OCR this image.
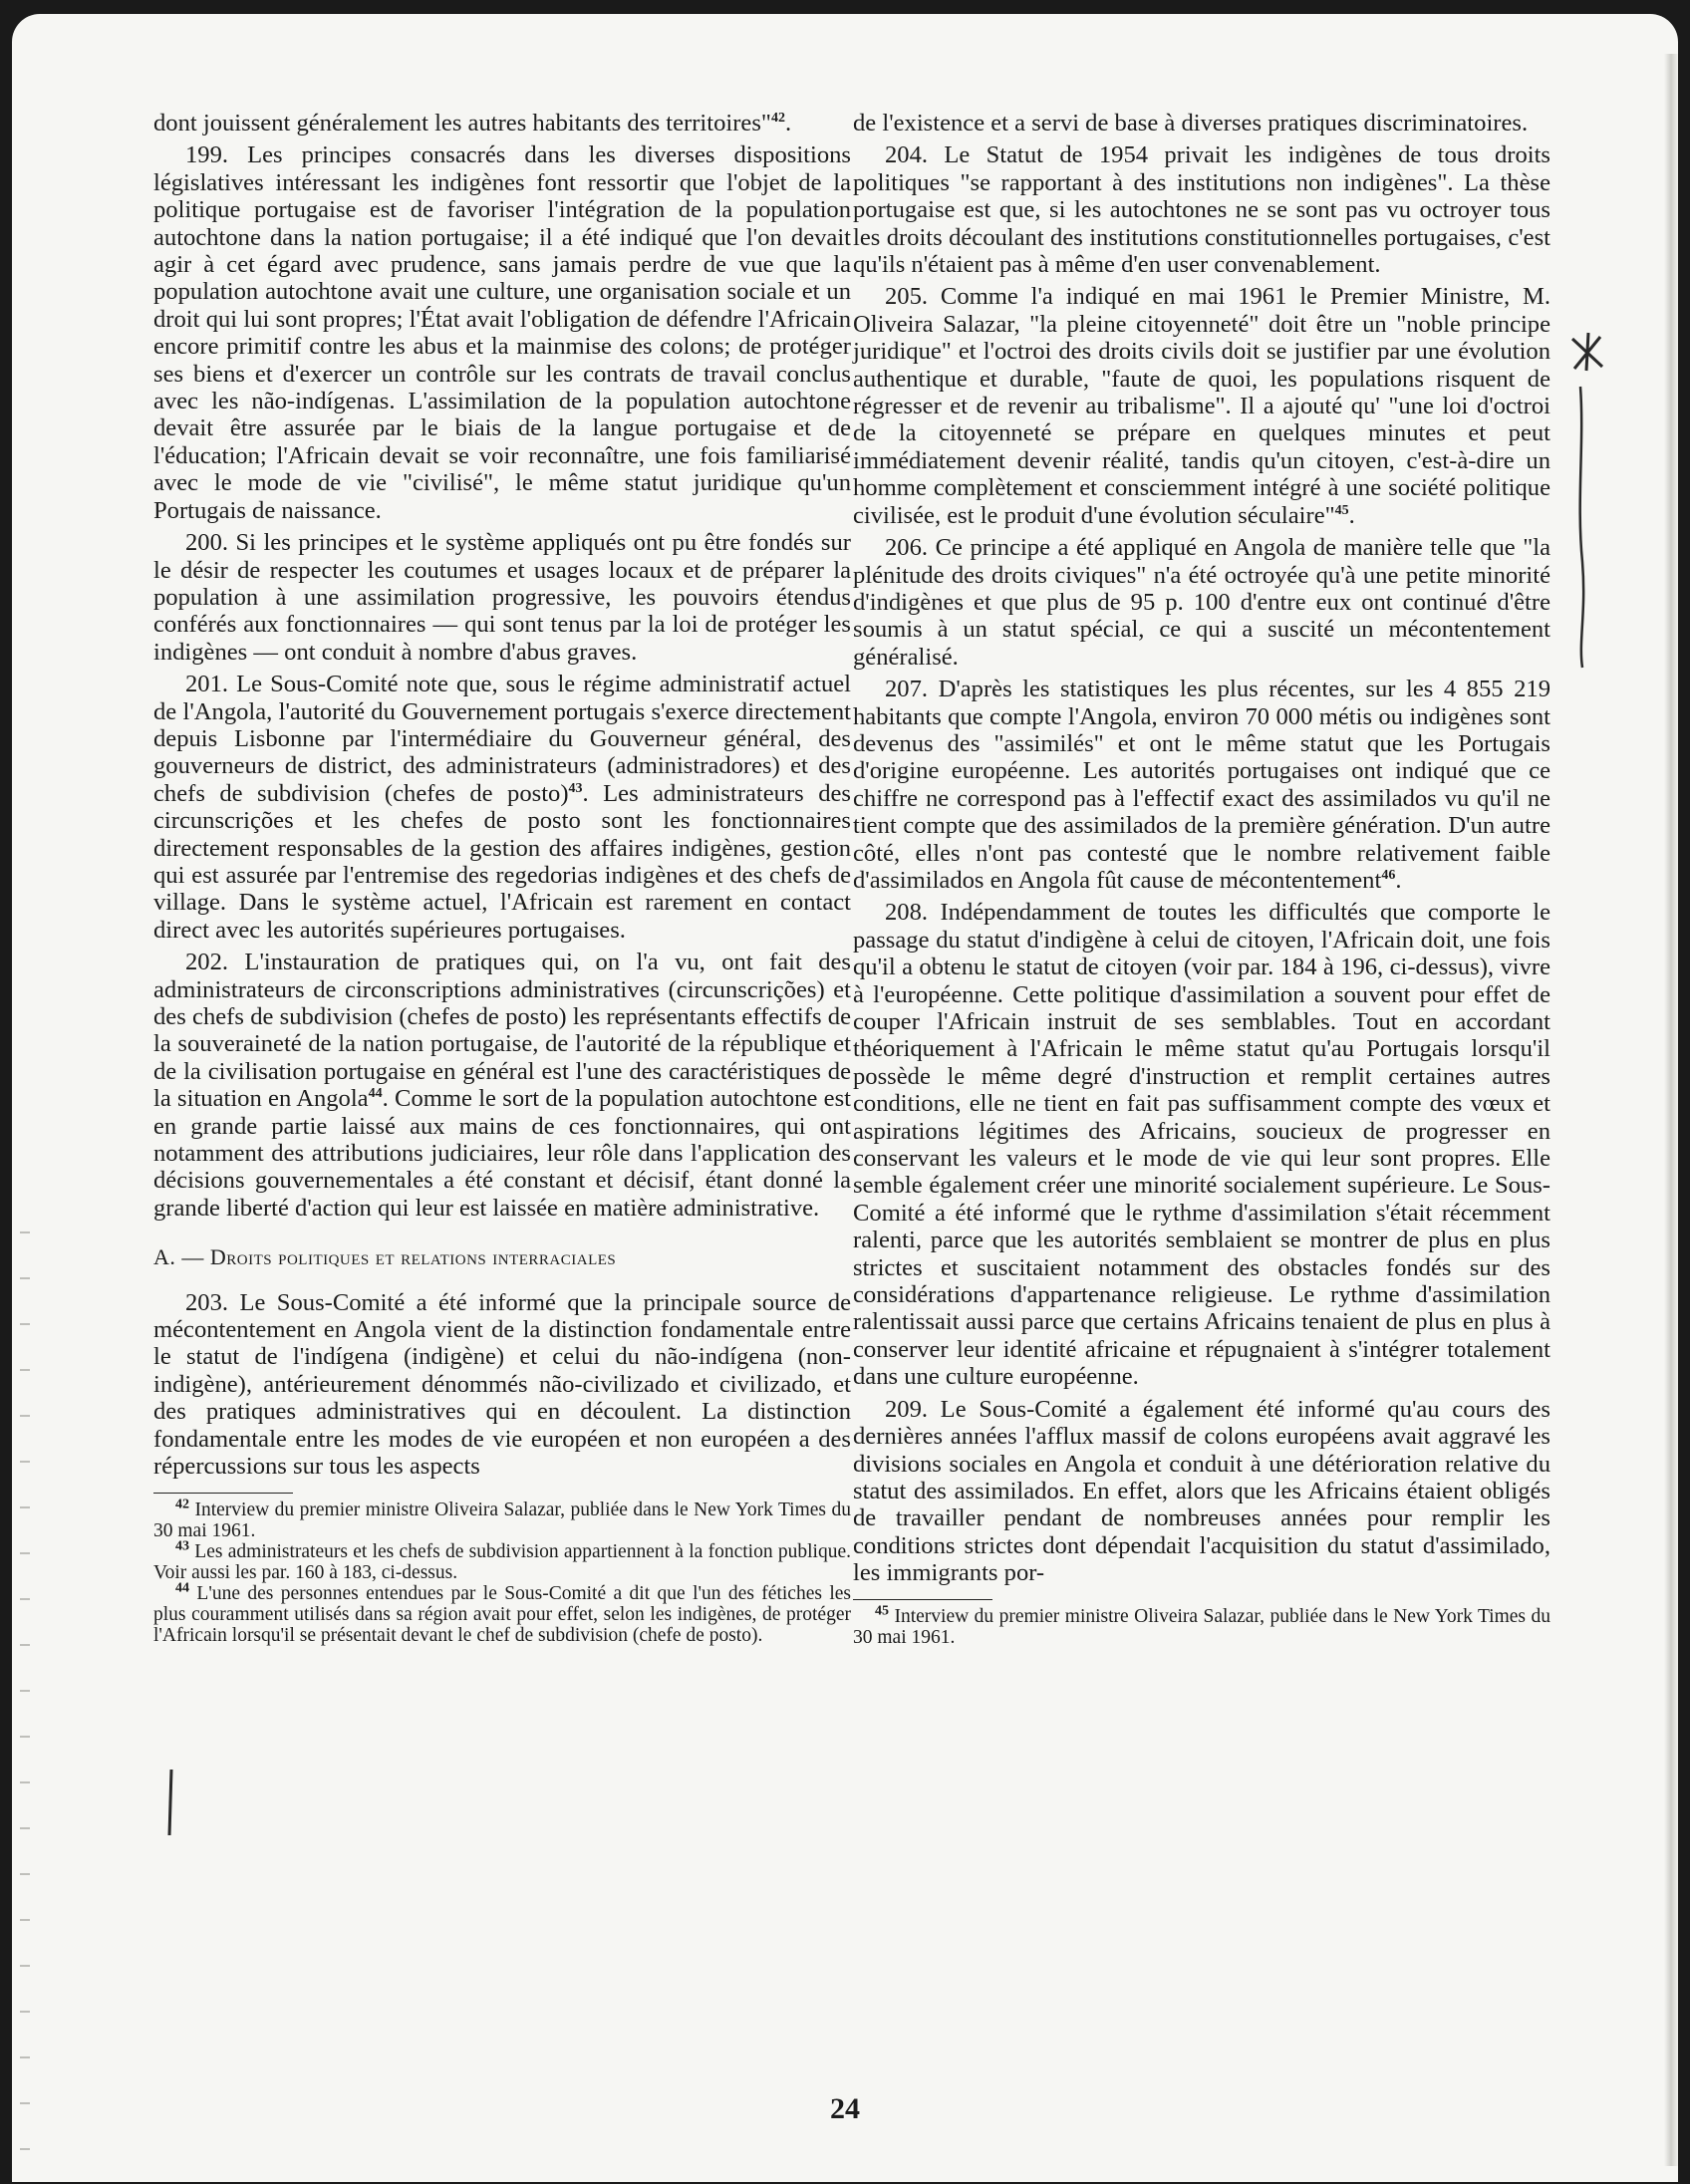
dont jouissent généralement les autres habitants des territoires"$^{42}$.

199. Les principes consacrés dans les diverses dispositions législatives intéressant les indigènes font ressortir que l'objet de la politique portugaise est de favoriser l'intégration de la population autochtone dans la nation portugaise; il a été indiqué que l'on devait agir à cet égard avec prudence, sans jamais perdre de vue que la population autochtone avait une culture, une organisation sociale et un droit qui lui sont propres; l'État avait l'obligation de défendre l'Africain encore primitif contre les abus et la mainmise des colons; de protéger ses biens et d'exercer un contrôle sur les contrats de travail conclus avec les não-indígenas. L'assimilation de la population autochtone devait être assurée par le biais de la langue portugaise et de l'éducation; l'Africain devait se voir reconnaître, une fois familiarisé avec le mode de vie "civilisé", le même statut juridique qu'un Portugais de naissance.

200. Si les principes et le système appliqués ont pu être fondés sur le désir de respecter les coutumes et usages locaux et de préparer la population à une assimilation progressive, les pouvoirs étendus conférés aux fonctionnaires — qui sont tenus par la loi de protéger les indigènes — ont conduit à nombre d'abus graves.

201. Le Sous-Comité note que, sous le régime administratif actuel de l'Angola, l'autorité du Gouvernement portugais s'exerce directement depuis Lisbonne par l'intermédiaire du Gouverneur général, des gouverneurs de district, des administrateurs (administradores) et des chefs de subdivision (chefes de posto)$^{43}$. Les administrateurs des circunscrições et les chefes de posto sont les fonctionnaires directement responsables de la gestion des affaires indigènes, gestion qui est assurée par l'entremise des regedorias indigènes et des chefs de village. Dans le système actuel, l'Africain est rarement en contact direct avec les autorités supérieures portugaises.

202. L'instauration de pratiques qui, on l'a vu, ont fait des administrateurs de circonscriptions administratives (circunscrições) et des chefs de subdivision (chefes de posto) les représentants effectifs de la souveraineté de la nation portugaise, de l'autorité de la république et de la civilisation portugaise en général est l'une des caractéristiques de la situation en Angola$^{44}$. Comme le sort de la population autochtone est en grande partie laissé aux mains de ces fonctionnaires, qui ont notamment des attributions judiciaires, leur rôle dans l'application des décisions gouvernementales a été constant et décisif, étant donné la grande liberté d'action qui leur est laissée en matière administrative.

A. — Droits politiques et relations interraciales

203. Le Sous-Comité a été informé que la principale source de mécontentement en Angola vient de la distinction fondamentale entre le statut de l'indígena (indigène) et celui du não-indígena (non-indigène), antérieurement dénommés não-civilizado et civilizado, et des pratiques administratives qui en découlent. La distinction fondamentale entre les modes de vie européen et non européen a des répercussions sur tous les aspects

$^{42}$ Interview du premier ministre Oliveira Salazar, publiée dans le New York Times du 30 mai 1961.

$^{43}$ Les administrateurs et les chefs de subdivision appartiennent à la fonction publique. Voir aussi les par. 160 à 183, ci-dessus.

$^{44}$ L'une des personnes entendues par le Sous-Comité a dit que l'un des fétiches les plus couramment utilisés dans sa région avait pour effet, selon les indigènes, de protéger l'Africain lorsqu'il se présentait devant le chef de subdivision (chefe de posto).

de l'existence et a servi de base à diverses pratiques discriminatoires.

204. Le Statut de 1954 privait les indigènes de tous droits politiques "se rapportant à des institutions non indigènes". La thèse portugaise est que, si les autochtones ne se sont pas vu octroyer tous les droits découlant des institutions constitutionnelles portugaises, c'est qu'ils n'étaient pas à même d'en user convenablement.

205. Comme l'a indiqué en mai 1961 le Premier Ministre, M. Oliveira Salazar, "la pleine citoyenneté" doit être un "noble principe juridique" et l'octroi des droits civils doit se justifier par une évolution authentique et durable, "faute de quoi, les populations risquent de régresser et de revenir au tribalisme". Il a ajouté qu' "une loi d'octroi de la citoyenneté se prépare en quelques minutes et peut immédiatement devenir réalité, tandis qu'un citoyen, c'est-à-dire un homme complètement et consciemment intégré à une société politique civilisée, est le produit d'une évolution séculaire"$^{45}$.

206. Ce principe a été appliqué en Angola de manière telle que "la plénitude des droits civiques" n'a été octroyée qu'à une petite minorité d'indigènes et que plus de 95 p. 100 d'entre eux ont continué d'être soumis à un statut spécial, ce qui a suscité un mécontentement généralisé.

207. D'après les statistiques les plus récentes, sur les 4 855 219 habitants que compte l'Angola, environ 70 000 métis ou indigènes sont devenus des "assimilés" et ont le même statut que les Portugais d'origine européenne. Les autorités portugaises ont indiqué que ce chiffre ne correspond pas à l'effectif exact des assimilados vu qu'il ne tient compte que des assimilados de la première génération. D'un autre côté, elles n'ont pas contesté que le nombre relativement faible d'assimilados en Angola fût cause de mécontentement$^{46}$.

208. Indépendamment de toutes les difficultés que comporte le passage du statut d'indigène à celui de citoyen, l'Africain doit, une fois qu'il a obtenu le statut de citoyen (voir par. 184 à 196, ci-dessus), vivre à l'européenne. Cette politique d'assimilation a souvent pour effet de couper l'Africain instruit de ses semblables. Tout en accordant théoriquement à l'Africain le même statut qu'au Portugais lorsqu'il possède le même degré d'instruction et remplit certaines autres conditions, elle ne tient en fait pas suffisamment compte des vœux et aspirations légitimes des Africains, soucieux de progresser en conservant les valeurs et le mode de vie qui leur sont propres. Elle semble également créer une minorité socialement supérieure. Le Sous-Comité a été informé que le rythme d'assimilation s'était récemment ralenti, parce que les autorités semblaient se montrer de plus en plus strictes et suscitaient notamment des obstacles fondés sur des considérations d'appartenance religieuse. Le rythme d'assimilation ralentissait aussi parce que certains Africains tenaient de plus en plus à conserver leur identité africaine et répugnaient à s'intégrer totalement dans une culture européenne.

209. Le Sous-Comité a également été informé qu'au cours des dernières années l'afflux massif de colons européens avait aggravé les divisions sociales en Angola et conduit à une détérioration relative du statut des assimilados. En effet, alors que les Africains étaient obligés de travailler pendant de nombreuses années pour remplir les conditions strictes dont dépendait l'acquisition du statut d'assimilado, les immigrants por-

$^{45}$ Interview du premier ministre Oliveira Salazar, publiée dans le New York Times du 30 mai 1961.

24
